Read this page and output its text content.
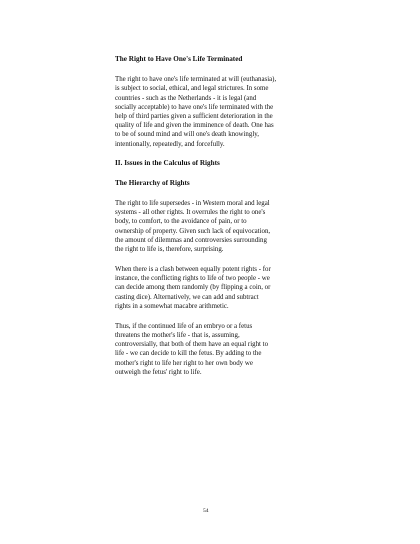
The Right to Have One's Life Terminated

The right to have one's life terminated at will (euthanasia),
is subject to social, ethical, and legal strictures. In some
countries - such as the Netherlands - it is legal (and
socially acceptable) to have one's life terminated with the
help of third parties given a sufficient deterioration in the
quality of life and given the imminence of death. One has
to be of sound mind and will one's death knowingly,
intentionally, repeatedly, and forcefully.

II. Issues in the Calculus of Rights
The Hierarchy of Rights

The right to life supersedes - in Western moral and legal
systems - all other rights. It overrules the right to one's
body, to comfort, to the avoidance of pain, or to
ownership of property. Given such lack of equivocation,
the amount of dilemmas and controversies surrounding
the right to life is, therefore, surprising.

When there is a clash between equally potent rights - for
instance, the conflicting rights to life of two people - we
can decide among them randomly (by flipping a coin, or
casting dice). Alternatively, we can add and subtract
rights in a somewhat macabre arithmetic.

Thus, if the continued life of an embryo or a fetus
threatens the mother's life - that is, assuming,
controversially, that both of them have an equal right to
life - we can decide to kill the fetus. By adding to the
mother's right to life her right to her own body we
outweigh the fetus' right to life.

54
